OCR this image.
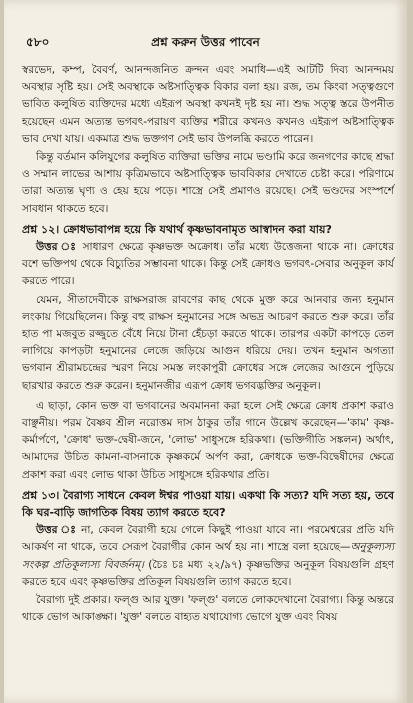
৫৮০	প্রশ্ন করুন উত্তর পাবেন

স্বরভেদ, কম্প, বৈবর্ণ, আনন্দজনিত ক্রন্দন এবং সমাধি—এই আটটি দিব্য আনন্দময় অবস্থার সৃষ্টি হয়। সেই অবস্থাকে অষ্টসাত্ত্বিক বিকার বলা হয়। রজ, তম কিংবা সত্ত্বগুণে ভাবিত কলুষিত ব্যক্তিদের মধ্যে এইরূপ অবস্থা কখনই দৃষ্ট হয় না। শুদ্ধ সত্ত্ব স্তরে উপনীত হয়েছেন এমন অত্যন্ত ভগবৎ-পরায়ণ ব্যক্তির শরীরে কখনও কখনও এইরূপ অষ্টসাত্ত্বিক ভাব দেখা যায়। একমাত্র শুদ্ধ ভক্তগণ সেই ভাব উপলব্ধি করতে পারেন।

কিন্তু বর্তমান কলিযুগের কলুষিত ব্যক্তিরা ভক্তির নামে ভণ্ডামি করে জনগণের কাছে শ্রদ্ধা ও সম্মান লাভের আশায় কৃত্রিমভাবে অষ্টসাত্ত্বিক ভাববিকার দেখাতে চেষ্টা করে। পরিণামে তারা অত্যন্ত ঘৃণ্য ও হেয় হয়ে পড়ে। শাস্ত্রে সেই প্রমাণও রয়েছে। সেই ভণ্ডদের সংস্পর্শে সাবধান থাকতে হবে।

প্রশ্ন ১২। ক্রোধভাবাপন্ন হয়ে কি যথার্থ কৃষ্ণভাবনামৃত আস্বাদন করা যায়?

উত্তর ঃ সাধারণ ক্ষেত্রে কৃষ্ণভক্ত অক্রোধ। তাঁর মধ্যে উত্তেজনা থাকে না। ক্রোধের বশে ভক্তিপথ থেকে বিচ্যুতির সম্ভাবনা থাকে। কিন্তু সেই ক্রোধও ভগবৎ-সেবার অনুকূল কার্য করতে পারে।

যেমন, সীতাদেবীকে রাক্ষসরাজ রাবণের কাছ থেকে মুক্ত করে আনবার জন্য হনুমান লংকায় গিয়েছিলেন। কিন্তু বহু রাক্ষস হনুমানের সঙ্গে অভদ্র আচরণ করতে শুরু করে। তাঁর হাত পা মজবুত রজ্জুতে বেঁধে নিয়ে টানা হেঁচড়া করতে থাকে। তারপর একটা কাপড়ে তেল লাগিয়ে কাপড়টা হনুমানের লেজে জড়িয়ে আগুন ধরিয়ে দেয়। তখন হনুমান অগত্যা ভগবান শ্রীরামচন্দ্রের স্মরণ নিয়ে সমস্ত লংকাপুরী ক্রোধের সঙ্গে লেজের আগুনে পুড়িয়ে ছারখার করতে শুরু করেন। হনুমানজীর এরূপ ক্রোধ ভগবদ্ভক্তির অনুকূল।

এ ছাড়া, কোন ভক্ত বা ভগবানের অবমাননা করা হলে সেই ক্ষেত্রে ক্রোধ প্রকাশ করাও বাঞ্ছনীয়। পরম বৈষ্ণব শ্রীল নরোত্তম দাস ঠাকুর তাঁর গানে উল্লেখ করেছেন—'কাম' কৃষ্ণ-কর্মার্পণে, 'ক্রোধ' ভক্ত-দ্বেষী-জনে, 'লোভ' সাধুসঙ্গে হরিকথা। (ভক্তিগীতি সঙ্কলন) অর্থাৎ, আমাদের উচিত কামনা-বাসনাকে কৃষ্ণকর্মে অর্পণ করা, ক্রোধকে ভক্ত-বিদ্বেষীদের ক্ষেত্রে প্রকাশ করা এবং লোভ থাকা উচিত সাধুসঙ্গে হরিকথার প্রতি।

প্রশ্ন ১৩। বৈরাগ্য সাধনে কেবল ঈশ্বর পাওয়া যায়। একথা কি সত্য? যদি সত্য হয়, তবে কি ঘর-বাড়ি জাগতিক বিষয় ত্যাগ করতে হবে?

উত্তর ঃ না, কেবল বৈরাগী হয়ে গেলে কিছুই পাওয়া যাবে না। পরমেশ্বরের প্রতি যদি আকর্ষণ না থাকে, তবে সেরূপ বৈরাগীর কোন অর্থ হয় না। শাস্ত্রে বলা হয়েছে—অনুকূল্যস্য সংকল্প প্রতিকূল্যস্য বিবর্জনম্। (চৈঃ চঃ মধ্য ২২/৯৭) কৃষ্ণভক্তির অনুকূল বিষয়গুলি গ্রহণ করতে হবে এবং কৃষ্ণভক্তির প্রতিকূল বিষয়গুলি ত্যাগ করতে হবে।

বৈরাগ্য দুই প্রকার। ফল্গু আর যুক্ত। 'ফল্গু' বলতে লোকদেখানো বৈরাগ্য। কিন্তু অন্তরে থাকে ভোগ আকাঙ্ক্ষা। 'যুক্ত' বলতে বাহ্যত যথাযোগ্য ভোগে যুক্ত এবং বিষয়
